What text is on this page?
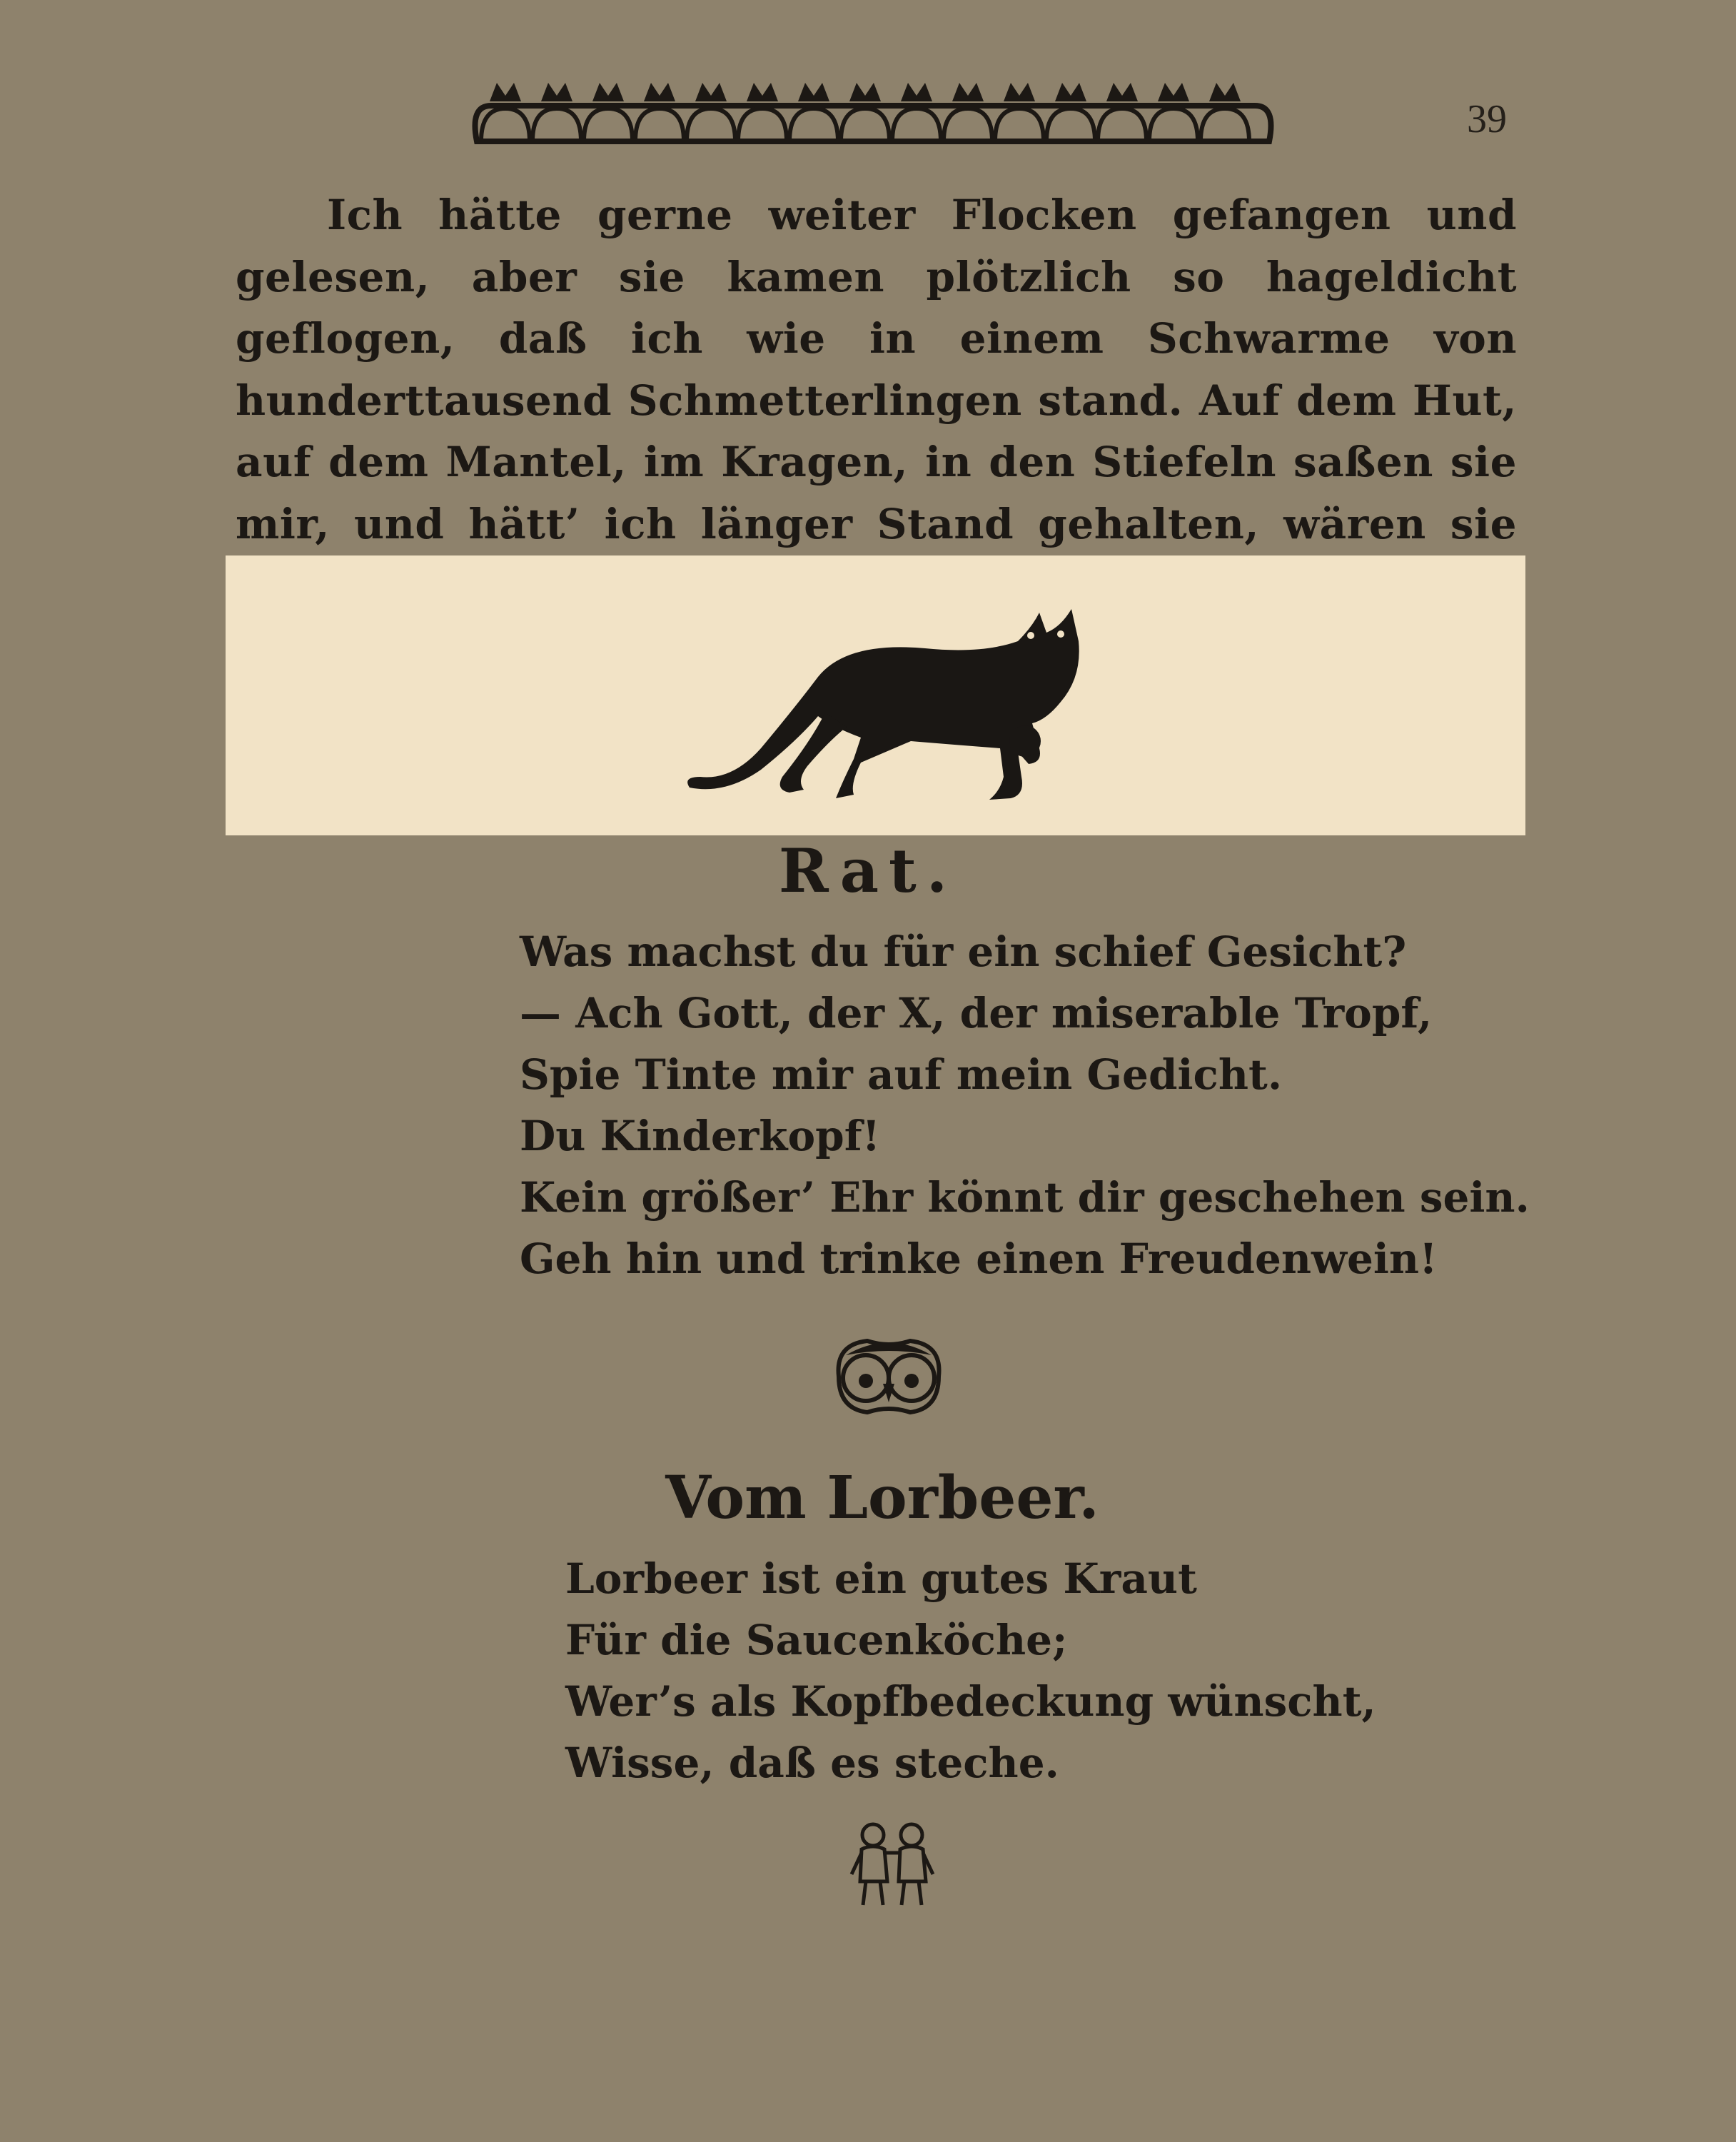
39

Ich hätte gerne weiter Flocken gefangen und gelesen, aber sie kamen plötzlich so hageldicht geflogen, daß ich wie in einem Schwarme von hunderttausend Schmetterlingen stand. Auf dem Hut, auf dem Mantel, im Kragen, in den Stiefeln saßen sie mir, und hätt’ ich länger Stand gehalten, wären sie

Rat.
Was machst du für ein schief Gesicht?
— Ach Gott, der X, der miserable Tropf,
Spie Tinte mir auf mein Gedicht.
Du Kinderkopf!
Kein größer’ Ehr könnt dir geschehen sein.
Geh hin und trinke einen Freudenwein!
Vom Lorbeer.
Lorbeer ist ein gutes Kraut
Für die Saucenköche;
Wer’s als Kopfbedeckung wünscht,
Wisse, daß es steche.
